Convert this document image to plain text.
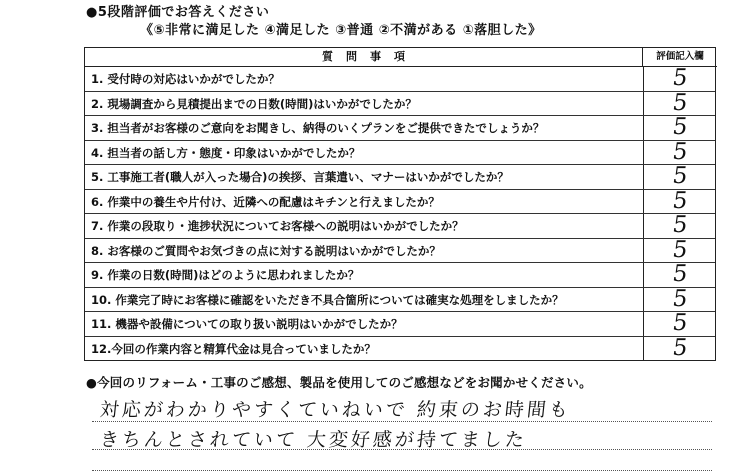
●5段階評価でお答えください
《⑤非常に満足した ④満足した ③普通 ②不満がある ①落胆した》
質問事項	評価記入欄
1. 受付時の対応はいかがでしたか？	5
2. 現場調査から見積提出までの日数(時間)はいかがでしたか？	5
3. 担当者がお客様のご意向をお聞きし、納得のいくプランをご提供できたでしょうか？	5
4. 担当者の話し方・態度・印象はいかがでしたか？	5
5. 工事施工者(職人が入った場合)の挨拶、言葉遣い、マナーはいかがでしたか？	5
6. 作業中の養生や片付け、近隣への配慮はキチンと行えましたか？	5
7. 作業の段取り・進捗状況についてお客様への説明はいかがでしたか？	5
8. お客様のご質問やお気づきの点に対する説明はいかがでしたか？	5
9. 作業の日数(時間)はどのように思われましたか？	5
10. 作業完了時にお客様に確認をいただき不具合箇所については確実な処理をしましたか？	5
11. 機器や設備についての取り扱い説明はいかがでしたか？	5
12.今回の作業内容と精算代金は見合っていましたか？	5
●今回のリフォーム・工事のご感想、製品を使用してのご感想などをお聞かせください。
対応がわかりやすくていねいで 約束のお時間も
きちんとされていて 大変好感が持てました
